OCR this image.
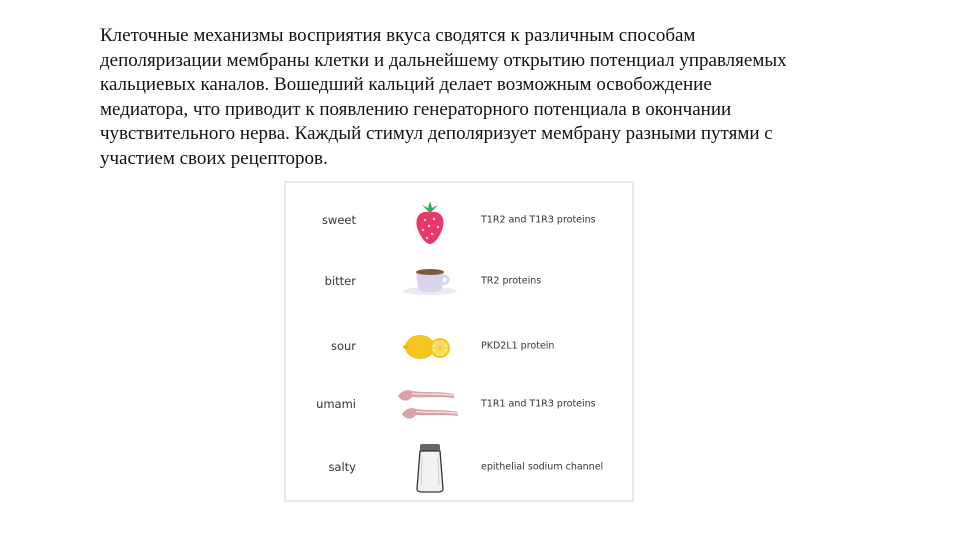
Клеточные механизмы восприятия вкуса сводятся к различным способам
деполяризации мембраны клетки и дальнейшему открытию потенциал управляемых
кальциевых каналов. Вошедший кальций делает возможным освобождение
медиатора, что приводит к появлению генераторного потенциала в окончании
чувствительного нерва. Каждый стимул деполяризует мембрану разными путями с
участием своих рецепторов.
sweet	T1R2 and T1R3 proteins
bitter	TR2 proteins
sour	PKD2L1 protein
umami	T1R1 and T1R3 proteins
salty	epithelial sodium channel
